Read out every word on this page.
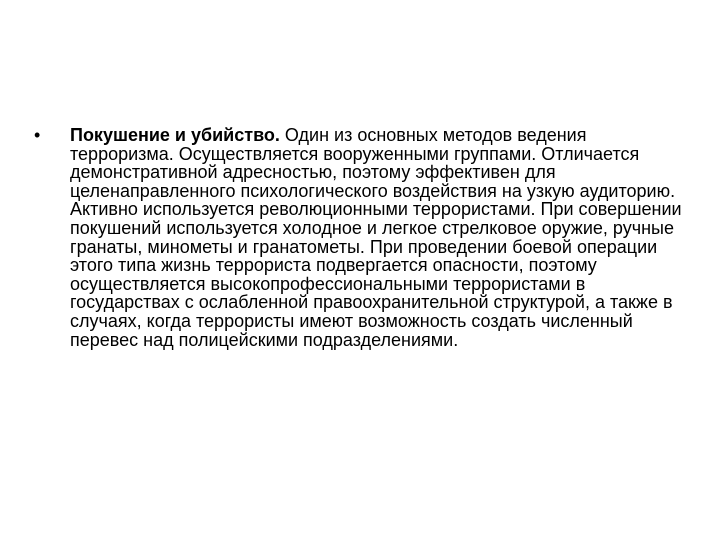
•	Покушение и убийство. Один из основных методов ведения терроризма. Осуществляется вооруженными группами. Отличается демонстративной адресностью, поэтому эффективен для целенаправленного психологического воздействия на узкую аудиторию. Активно используется революционными террористами. При совершении покушений используется холодное и легкое стрелковое оружие, ручные гранаты, минометы и гранатометы. При проведении боевой операции этого типа жизнь террориста подвергается опасности, поэтому осуществляется высокопрофессиональными террористами в государствах с ослабленной правоохранительной структурой, а также в случаях, когда террористы имеют возможность создать численный перевес над полицейскими подразделениями.
